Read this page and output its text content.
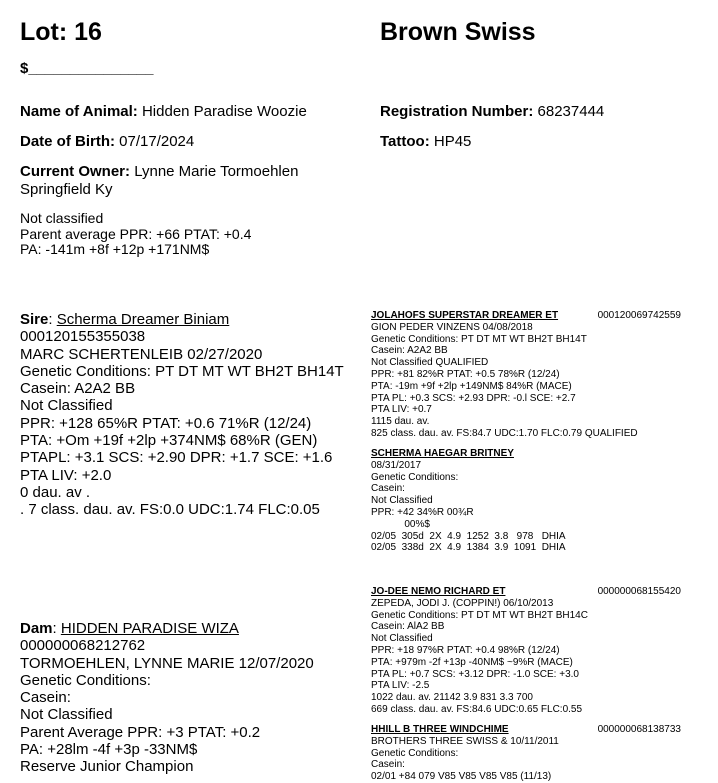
Lot: 16
$_______________
Brown Swiss
Name of Animal: Hidden Paradise Woozie	Registration Number: 68237444
Date of Birth: 07/17/2024	Tattoo: HP45
Current Owner: Lynne Marie Tormoehlen
Springfield Ky
Not classified
Parent average PPR: +66 PTAT: +0.4
PA: -141m +8f +12p +171NM$
Sire: Scherma Dreamer Biniam
000120155355038
MARC SCHERTENLEIB 02/27/2020
Genetic Conditions: PT DT MT WT BH2T BH14T
Casein: A2A2 BB
Not Classified
PPR: +128 65%R PTAT: +0.6 71%R (12/24)
PTA: +Om +19f +2lp +374NM$ 68%R (GEN)
PTAPL: +3.1 SCS: +2.90 DPR: +1.7 SCE: +1.6
PTA LIV: +2.0
0 dau. av .
. 7 class. dau. av. FS:0.0 UDC:1.74 FLC:0.05
Dam: HIDDEN PARADISE WIZA
000000068212762
TORMOEHLEN, LYNNE MARIE 12/07/2020
Genetic Conditions:
Casein:
Not Classified
Parent Average PPR: +3 PTAT: +0.2
PA: +28lm -4f +3p -33NM$
Reserve Junior Champion
JOLAHOFS SUPERSTAR DREAMER ET	000120069742559
GION PEDER VINZENS 04/08/2018
Genetic Conditions: PT DT MT WT BH2T BH14T
Casein: A2A2 BB
Not Classified QUALIFIED
PPR: +81 82%R PTAT: +0.5 78%R (12/24)
PTA: -19m +9f +2lp +149NM$ 84%R (MACE)
PTA PL: +0.3 SCS: +2.93 DPR: -0.l SCE: +2.7
PTA LIV: +0.7
1115 dau. av.
825 class. dau. av. FS:84.7 UDC:1.70 FLC:0.79 QUALIFIED
SCHERMA HAEGAR BRITNEY
08/31/2017
Genetic Conditions:
Casein:
Not Classified
PPR: +42 34%R 00¾R
00%$
02/05  305d  2X  4.9  1252  3.8   978   DHIA
02/05  338d  2X  4.9  1384  3.9  1091  DHIA
JO-DEE NEMO RICHARD ET	000000068155420
ZEPEDA, JODI J. (COPPIN!) 06/10/2013
Genetic Conditions: PT DT MT WT BH2T BH14C
Casein: AlA2 BB
Not Classified
PPR: +18 97%R PTAT: +0.4 98%R (12/24)
PTA: +979m -2f +13p -40NM$ ~9%R (MACE)
PTA PL: +0.7 SCS: +3.12 DPR: -1.0 SCE: +3.0
PTA LIV: -2.5
1022 dau. av. 21142 3.9 831 3.3 700
669 class. dau. av. FS:84.6 UDC:0.65 FLC:0.55
HHILL B THREE WINDCHIME	000000068138733
BROTHERS THREE SWISS & 10/11/2011
Genetic Conditions:
Casein:
02/01 +84 079 V85 V85 V85 V85 (11/13)
